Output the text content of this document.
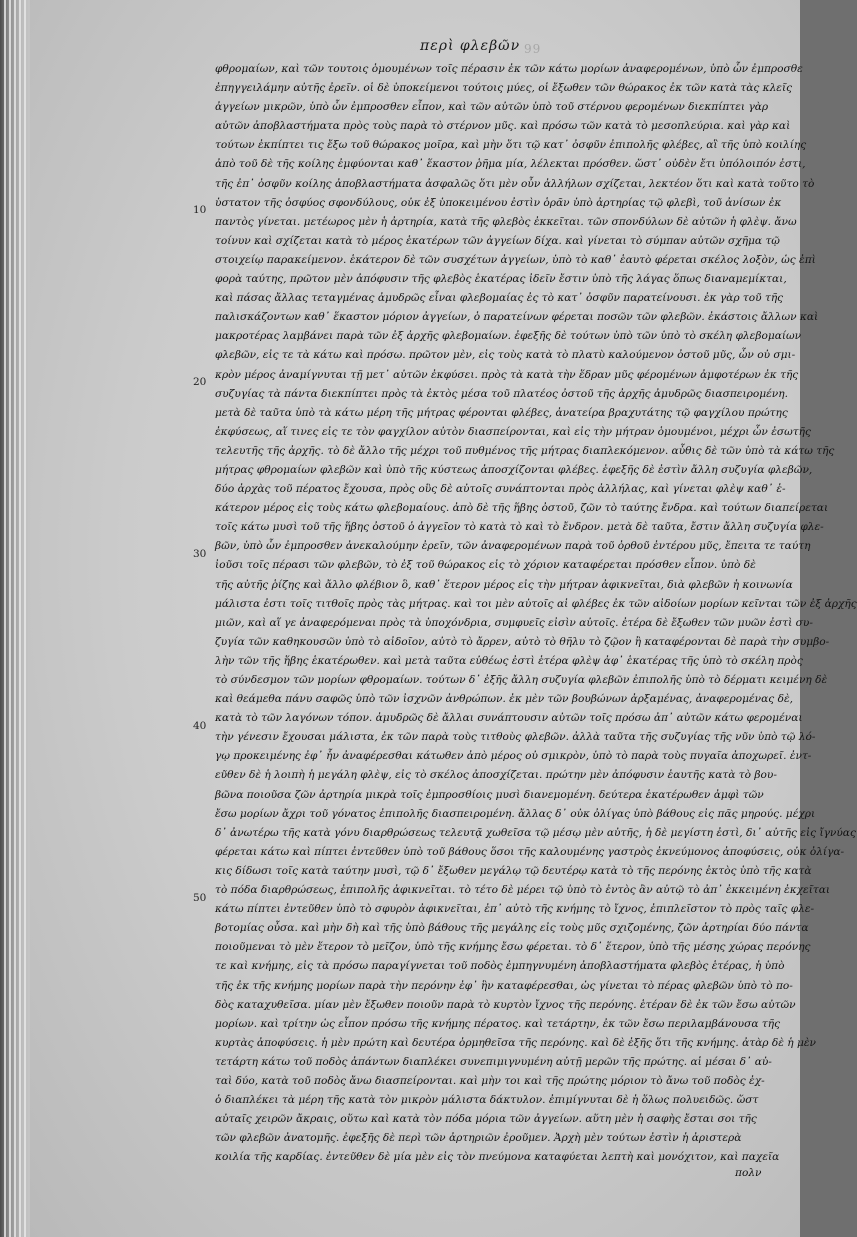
περὶ φλεβῶν 99
10
20
30
40
50
φθρομαίων, καὶ τῶν τουτοις ὁμουμένων τοῖς πέρασιν ἐκ τῶν κάτω μορίων ἀναφερομένων, ὑπὸ ὧν ἐμπροσθε
ἐπηγγειλάμην αὐτῆς ἐρεῖν. οἱ δὲ ὑποκείμενοι τούτοις μύες, οἱ ἔξωθεν τῶν θώρακος ἐκ τῶν κατὰ τὰς κλεῖς
ἀγγείων μικρῶν, ὑπὸ ὧν ἐμπροσθεν εἶπον, καὶ τῶν αὐτῶν ὑπὸ τοῦ στέρνου φερομένων διεκπίπτει γὰρ
αὐτῶν ἀποβλαστήματα πρὸς τοὺς παρὰ τὸ στέρνον μῦς. καὶ πρόσω τῶν κατὰ τὸ μεσοπλεύρια. καὶ γὰρ καὶ
τούτων ἐκπίπτει τις ἔξω τοῦ θώρακος μοῖρα, καὶ μὴν ὅτι τῷ κατ᾽ ὀσφῦν ἐπιπολῆς φλέβες, αἳ τῆς ὑπὸ κοιλίης
ἀπὸ τοῦ δὲ τῆς κοίλης ἐμφύονται καθ᾽ ἕκαστον ῥῆμα μία, λέλεκται πρόσθεν. ὥστ᾽ οὐδὲν ἔτι ὑπόλοιπόν ἐστι,
τῆς ἐπ᾽ ὀσφῦν κοίλης ἀποβλαστήματα ἀσφαλῶς ὅτι μὲν οὖν ἀλλήλων σχίζεται, λεκτέον ὅτι καὶ κατὰ τοῦτο τὸ
ὑστατον τῆς ὀσφύος σφονδύλους, οὐκ ἐξ ὑποκειμένου ἐστὶν ὁρᾶν ὑπὸ ἀρτηρίας τῷ φλεβὶ, τοῦ ἀνίσων ἐκ
παντὸς γίνεται. μετέωρος μὲν ἡ ἀρτηρία, κατὰ τῆς φλεβὸς ἐκκεῖται. τῶν σπονδύλων δὲ αὐτῶν ἡ φλὲψ. ἄνω
τοίνυν καὶ σχίζεται κατὰ τὸ μέρος ἑκατέρων τῶν ἀγγείων δίχα. καὶ γίνεται τὸ σύμπαν αὐτῶν σχῆμα τῷ
στοιχείῳ παρακείμενον. ἑκάτερον δὲ τῶν συσχέτων ἀγγείων, ὑπὸ τὸ καθ᾽ ἑαυτὸ φέρεται σκέλος λοξὸν, ὡς ἐπὶ
φορὰ ταύτης, πρῶτον μὲν ἀπόφυσιν τῆς φλεβὸς ἑκατέρας ἰδεῖν ἔστιν ὑπὸ τῆς λάγας ὅπως διαναμεμίκται,
καὶ πάσας ἄλλας τεταγμένας ἀμυδρῶς εἶναι φλεβομαίας ἐς τὸ κατ᾽ ὀσφῦν παρατείνουσι. ἐκ γὰρ τοῦ τῆς
παλισκάζοντων καθ᾽ ἕκαστον μόριον ἀγγείων, ὁ παρατείνων φέρεται ποσῶν τῶν φλεβῶν. ἐκάστοις ἄλλων καὶ
μακροτέρας λαμβάνει παρὰ τῶν ἐξ ἀρχῆς φλεβομαίων. ἐφεξῆς δὲ τούτων ὑπὸ τῶν ὑπὸ τὸ σκέλη φλεβομαίων
φλεβῶν, εἰς τε τὰ κάτω καὶ πρόσω. πρῶτον μὲν, εἰς τοὺς κατὰ τὸ πλατὺ καλούμενον ὀστοῦ μῦς, ὧν οὐ σμι-
κρὸν μέρος ἀναμίγνυται τῇ μετ᾽ αὐτῶν ἐκφύσει. πρὸς τὰ κατὰ τὴν ἕδραν μῦς φέρομένων ἀμφοτέρων ἐκ τῆς
συζυγίας τὰ πάντα διεκπίπτει πρὸς τὰ ἐκτὸς μέσα τοῦ πλατέος ὀστοῦ τῆς ἀρχῆς ἀμυδρῶς διασπειρομένη.
μετὰ δὲ ταῦτα ὑπὸ τὰ κάτω μέρη τῆς μήτρας φέρονται φλέβες, ἀνατείρα βραχυτάτης τῷ φαγχίλου πρώτης
ἐκφύσεως, αἵ τινες εἰς τε τὸν φαγχίλον αὐτὸν διασπείρονται, καὶ εἰς τὴν μήτραν ὁμουμένοι, μέχρι ὧν ἐσωτῆς
τελευτῆς τῆς ἀρχῆς. τὸ δὲ ἄλλο τῆς μέχρι τοῦ πυθμένος τῆς μήτρας διαπλεκόμενον. αὖθις δὲ τῶν ὑπὸ τὰ κάτω τῆς
μήτρας φθρομαίων φλεβῶν καὶ ὑπὸ τῆς κύστεως ἀποσχίζονται φλέβες. ἐφεξῆς δὲ ἐστὶν ἄλλη συζυγία φλεβῶν,
δύο ἀρχὰς τοῦ πέρατος ἔχουσα, πρὸς οὓς δὲ αὐτοῖς συνάπτονται πρὸς ἀλλήλας, καὶ γίνεται φλὲψ καθ᾽ ἑ-
κάτερον μέρος εἰς τοὺς κάτω φλεβομαίους. ἀπὸ δὲ τῆς ἥβης ὀστοῦ, ζῶν τὸ ταύτης ἔνδρα. καὶ τούτων διαπείρεται
τοῖς κάτω μυσὶ τοῦ τῆς ἥβης ὀστοῦ ὁ ἀγγεῖον τὸ κατὰ τὸ καὶ τὸ ἔνδρον. μετὰ δὲ ταῦτα, ἔστιν ἄλλη συζυγία φλε-
βῶν, ὑπὸ ὧν ἐμπροσθεν ἀνεκαλούμην ἐρεῖν, τῶν ἀναφερομένων παρὰ τοῦ ὀρθοῦ ἐντέρου μῦς, ἔπειτα τε ταύτη
ἰοῦσι τοῖς πέρασι τῶν φλεβῶν, τὸ ἐξ τοῦ θώρακος εἰς τὸ χόριον καταφέρεται πρόσθεν εἶπον. ὑπὸ δὲ
τῆς αὐτῆς ῥίζης καὶ ἄλλο φλέβιον ὃ, καθ᾽ ἕτερον μέρος εἰς τὴν μήτραν ἀφικνεῖται, διὰ φλεβῶν ἡ κοινωνία
μάλιστα ἐστι τοῖς τιτθοῖς πρὸς τὰς μήτρας. καὶ τοι μὲν αὐτοῖς αἱ φλέβες ἐκ τῶν αἰδοίων μορίων κεῖνται τῶν ἐξ ἀρχῆς
μιῶν, καὶ αἵ γε ἀναφερόμεναι πρὸς τὰ ὑποχόνδρια, συμφυεῖς εἰσὶν αὐτοῖς. ἐτέρα δὲ ἔξωθεν τῶν μυῶν ἐστὶ συ-
ζυγία τῶν καθηκουσῶν ὑπὸ τὸ αἰδοῖον, αὐτὸ τὸ ἄρρεν, αὐτὸ τὸ θῆλυ τὸ ζῷον ἢ καταφέρονται δὲ παρὰ τὴν συμβο-
λὴν τῶν τῆς ἥβης ἑκατέρωθεν. καὶ μετὰ ταῦτα εὐθέως ἐστὶ ἑτέρα φλὲψ ἀφ᾽ ἑκατέρας τῆς ὑπὸ τὸ σκέλη πρὸς
τὸ σύνδεσμον τῶν μορίων φθρομαίων. τούτων δ᾽ ἐξῆς ἄλλη συζυγία φλεβῶν ἐπιπολῆς ὑπὸ τὸ δέρματι κειμένη δὲ
καὶ θεάμεθα πάνυ σαφῶς ὑπὸ τῶν ἰσχνῶν ἀνθρώπων. ἐκ μὲν τῶν βουβώνων ἀρξαμένας, ἀναφερομένας δὲ,
κατὰ τὸ τῶν λαγόνων τόπον. ἀμυδρῶς δὲ ἄλλαι συνάπτουσιν αὐτῶν τοῖς πρόσω ἀπ᾽ αὐτῶν κάτω φερομέναι
τὴν γένεσιν ἔχουσαι μάλιστα, ἐκ τῶν παρὰ τοὺς τιτθοὺς φλεβῶν. ἀλλὰ ταῦτα τῆς συζυγίας τῆς νῦν ὑπὸ τῷ λό-
γῳ προκειμένης ἐφ᾽ ἧν ἀναφέρεσθαι κάτωθεν ἀπὸ μέρος οὐ σμικρὸν, ὑπὸ τὸ παρὰ τοὺς πυγαῖα ἀποχωρεῖ. ἐντ-
εῦθεν δὲ ἡ λοιπὴ ἡ μεγάλη φλὲψ, εἰς τὸ σκέλος ἀποσχίζεται. πρώτην μὲν ἀπόφυσιν ἑαυτῆς κατὰ τὸ βου-
βῶνα ποιοῦσα ζῶν ἀρτηρία μικρὰ τοῖς ἐμπροσθίοις μυσὶ διανεμομένη. δεύτερα ἑκατέρωθεν ἀμφὶ τῶν
ἔσω μορίων ἄχρι τοῦ γόνατος ἐπιπολῆς διασπειρομένη. ἄλλας δ᾽ οὐκ ὀλίγας ὑπὸ βάθους εἰς πᾶς μηρούς. μέχρι
δ᾽ ἀνωτέρω τῆς κατὰ γόνυ διαρθρώσεως τελευτᾷ χωθεῖσα τῷ μέσῳ μὲν αὐτῆς, ἡ δὲ μεγίστη ἐστὶ, δι᾽ αὐτῆς εἰς ἴγνύας
φέρεται κάτω καὶ πίπτει ἐντεῦθεν ὑπὸ τοῦ βάθους ὅσοι τῆς καλουμένης γαστρὸς ἐκνεύμονος ἀποφύσεις, οὐκ ὀλίγα-
κις δίδωσι τοῖς κατὰ ταύτην μυσὶ, τῷ δ᾽ ἔξωθεν μεγάλῳ τῷ δευτέρῳ κατὰ τὸ τῆς περόνης ἐκτὸς ὑπὸ τῆς κατὰ
τὸ πόδα διαρθρώσεως, ἐπιπολῆς ἀφικνεῖται. τὸ τέτο δὲ μέρει τῷ ὑπὸ τὸ ἐντὸς ἂν αὐτῷ τὸ ἀπ᾽ ἐκκειμένη ἐκχεῖται
κάτω πίπτει ἐντεῦθεν ὑπὸ τὸ σφυρὸν ἀφικνεῖται, ἐπ᾽ αὐτὸ τῆς κνήμης τὸ ἴχνος, ἐπιπλεῖστον τὸ πρὸς ταῖς φλε-
βοτομίας οὖσα. καὶ μὴν δὴ καὶ τῆς ὑπὸ βάθους τῆς μεγάλης εἰς τοὺς μῦς σχιζομένης, ζῶν ἀρτηρίαι δύο πάντα
ποιοῦμεναι τὸ μὲν ἕτερον τὸ μεῖζον, ὑπὸ τῆς κνήμης ἔσω φέρεται. τὸ δ᾽ ἕτερον, ὑπὸ τῆς μέσης χώρας περόνης
τε καὶ κνήμης, εἰς τὰ πρόσω παραγίγνεται τοῦ ποδὸς ἐμπηγνυμένη ἀποβλαστήματα φλεβὸς ἑτέρας, ἡ ὑπὸ
τῆς ἐκ τῆς κνήμης μορίων παρὰ τὴν περόνην ἐφ᾽ ἣν καταφέρεσθαι, ὡς γίνεται τὸ πέρας φλεβῶν ὑπὸ τὸ πο-
δὸς καταχυθεῖσα. μίαν μὲν ἔξωθεν ποιοῦν παρὰ τὸ κυρτὸν ἴχνος τῆς περόνης. ἑτέραν δὲ ἐκ τῶν ἔσω αὐτῶν
μορίων. καὶ τρίτην ὡς εἶπον πρόσω τῆς κνήμης πέρατος. καὶ τετάρτην, ἐκ τῶν ἔσω περιλαμβάνουσα τῆς
κυρτὰς ἀποφύσεις. ἡ μὲν πρώτη καὶ δευτέρα ὁρμηθεῖσα τῆς περόνης. καὶ δὲ ἐξῆς ὅτι τῆς κνήμης. ἀτὰρ δὲ ἡ μὲν
τετάρτη κάτω τοῦ ποδὸς ἁπάντων διαπλέκει συνεπιμιγνυμένη αὐτῇ μερῶν τῆς πρώτης. αἱ μέσαι δ᾽ αὐ-
ταὶ δύο, κατὰ τοῦ ποδὸς ἄνω διασπείρονται. καὶ μὴν τοι καὶ τῆς πρώτης μόριον τὸ ἄνω τοῦ ποδὸς ἐχ-
ὁ διαπλέκει τὰ μέρη τῆς κατὰ τὸν μικρὸν μάλιστα δάκτυλον. ἐπιμίγνυται δὲ ἡ ὅλως πολυειδῶς. ὥστ
αὐταῖς χειρῶν ἄκραις, οὕτω καὶ κατὰ τὸν πόδα μόρια τῶν ἀγγείων. αὕτη μὲν ἡ σαφὴς ἔσται σοι τῆς
τῶν φλεβῶν ἀνατομῆς. ἐφεξῆς δὲ περὶ τῶν ἀρτηριῶν ἐροῦμεν. Ἀρχὴ μὲν τούτων ἐστὶν ἡ ἀριστερὰ
κοιλία τῆς καρδίας. ἐντεῦθεν δὲ μία μὲν εἰς τὸν πνεύμονα καταφύεται λεπτὴ καὶ μονόχιτον, καὶ παχεῖα
πολν
